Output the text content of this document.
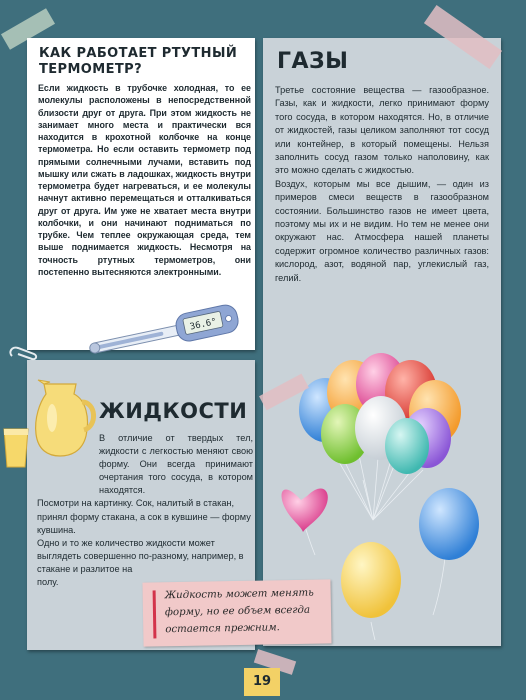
КАК РАБОТАЕТ РТУТНЫЙ ТЕРМОМЕТР?
Если жидкость в трубочке холодная, то ее молекулы расположены в непосредственной близости друг от друга. При этом жидкость не занимает много места и практически вся находится в крохотной колбочке на конце термометра. Но если оставить термометр под прямыми солнечными лучами, вставить под мышку или сжать в ладошках, жидкость внутри термометра будет нагреваться, и ее молекулы начнут активно перемещаться и отталкиваться друг от друга. Им уже не хватает места внутри колбочки, и они начинают подниматься по трубке. Чем теплее окружающая среда, тем выше поднимается жидкость. Несмотря на точность ртутных термометров, они постепенно вытесняются электронными.
36.6°
ГАЗЫ

Третье состояние вещества — газообразное. Газы, как и жидкости, легко принимают форму того сосуда, в котором находятся. Но, в отличие от жидкостей, газы целиком заполняют тот сосуд или контейнер, в который помещены. Нельзя заполнить сосуд газом только наполовину, как это можно сделать с жидкостью.

Воздух, которым мы все дышим, — один из примеров смеси веществ в газообразном состоянии. Большинство газов не имеет цвета, поэтому мы их и не видим. Но тем не менее они окружают нас. Атмосфера нашей планеты содержит огромное количество различных газов: кислород, азот, водяной пар, углекислый газ, гелий.

ЖИДКОСТИ

В отличие от твердых тел, жидкости с легкостью меняют свою форму. Они всегда принимают очертания того сосуда, в котором находятся.

Посмотри на картинку. Сок, налитый в стакан, принял форму стакана, а сок в кувшине — форму кувшина.

Одно и то же количество жидкости может выглядеть совершенно по-разному, например, в

стакане и разлитое на полу.

Жидкость может менять форму, но ее объем всегда остается прежним.
19
